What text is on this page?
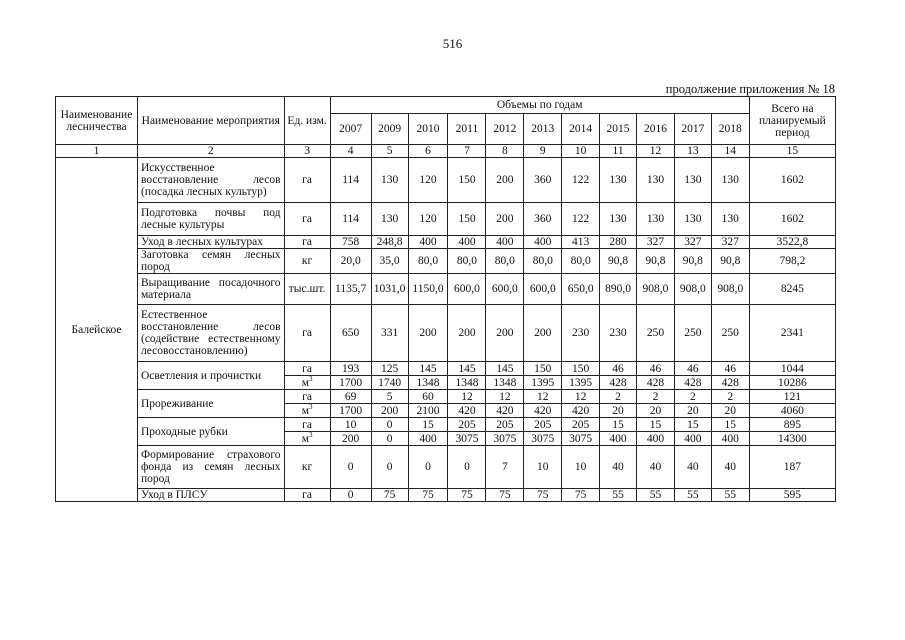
516
продолжение приложения № 18
Наименование лесничества	Наименование мероприятия	Ед. изм.	Объемы по годам											Всего на планируемый период
			2007	2009	2010	2011	2012	2013	2014	2015	2016	2017	2018	
1	2	3	4	5	6	7	8	9	10	11	12	13	14	15
Балейское	Искусственное восстановление лесов (посадка лесных культур)	га	114	130	120	150	200	360	122	130	130	130	130	1602
	Подготовка почвы под лесные культуры	га	114	130	120	150	200	360	122	130	130	130	130	1602
	Уход в лесных культурах	га	758	248,8	400	400	400	400	413	280	327	327	327	3522,8
	Заготовка семян лесных пород	кг	20,0	35,0	80,0	80,0	80,0	80,0	80,0	90,8	90,8	90,8	90,8	798,2
	Выращивание посадочного материала	тыс.шт.	1135,7	1031,0	1150,0	600,0	600,0	600,0	650,0	890,0	908,0	908,0	908,0	8245
	Естественное восстановление лесов (содействие естественному лесовосстановлению)	га	650	331	200	200	200	200	230	230	250	250	250	2341
	Осветления и прочистки	га	193	125	145	145	145	150	150	46	46	46	46	1044
		$м^3$	1700	1740	1348	1348	1348	1395	1395	428	428	428	428	10286
	Прореживание	га	69	5	60	12	12	12	12	2	2	2	2	121
		$м^3$	1700	200	2100	420	420	420	420	20	20	20	20	4060
	Проходные рубки	га	10	0	15	205	205	205	205	15	15	15	15	895
		$м^3$	200	0	400	3075	3075	3075	3075	400	400	400	400	14300
	Формирование страхового фонда из семян лесных пород	кг	0	0	0	0	7	10	10	40	40	40	40	187
	Уход в ПЛСУ	га	0	75	75	75	75	75	75	55	55	55	55	595
